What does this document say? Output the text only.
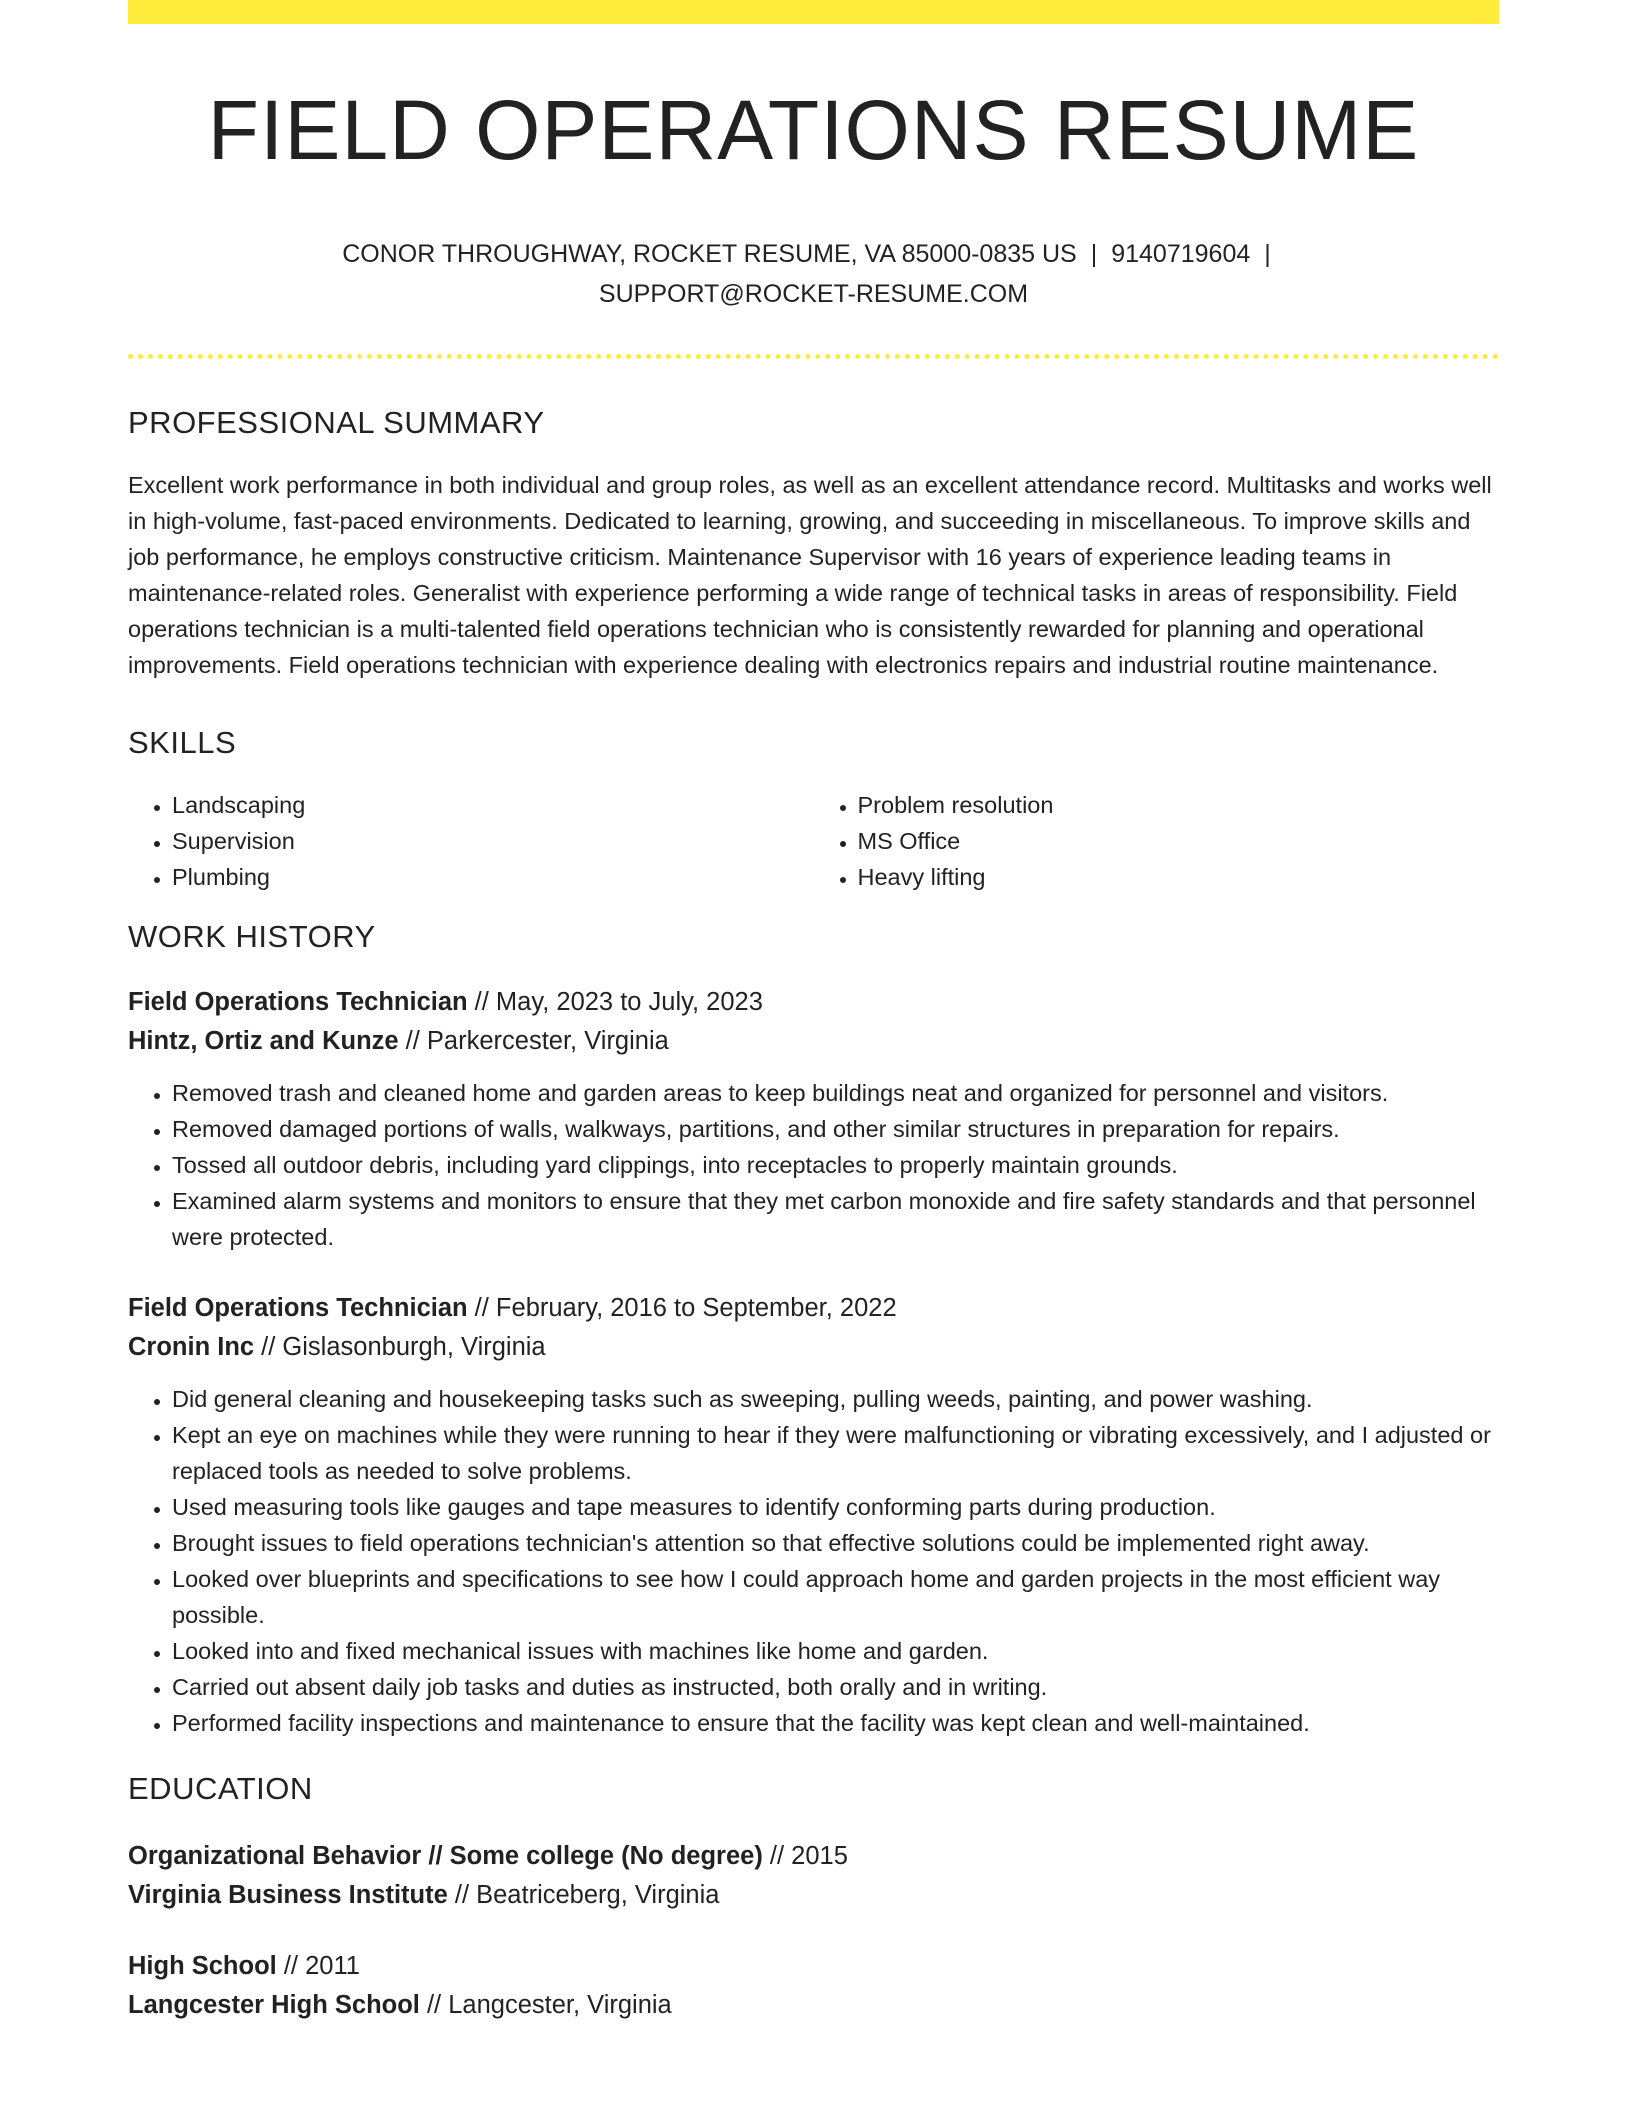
FIELD OPERATIONS RESUME
CONOR THROUGHWAY, ROCKET RESUME, VA 85000-0835 US | 9140719604 |
SUPPORT@ROCKET-RESUME.COM
PROFESSIONAL SUMMARY

Excellent work performance in both individual and group roles, as well as an excellent attendance record. Multitasks and works well in high-volume, fast-paced environments. Dedicated to learning, growing, and succeeding in miscellaneous. To improve skills and job performance, he employs constructive criticism. Maintenance Supervisor with 16 years of experience leading teams in maintenance-related roles. Generalist with experience performing a wide range of technical tasks in areas of responsibility. Field operations technician is a multi-talented field operations technician who is consistently rewarded for planning and operational improvements. Field operations technician with experience dealing with electronics repairs and industrial routine maintenance.

SKILLS
• Landscaping
• Supervision
• Plumbing
• Problem resolution
• MS Office
• Heavy lifting
WORK HISTORY
Field Operations Technician // May, 2023 to July, 2023
Hintz, Ortiz and Kunze // Parkercester, Virginia
• Removed trash and cleaned home and garden areas to keep buildings neat and organized for personnel and visitors.
• Removed damaged portions of walls, walkways, partitions, and other similar structures in preparation for repairs.
• Tossed all outdoor debris, including yard clippings, into receptacles to properly maintain grounds.
• Examined alarm systems and monitors to ensure that they met carbon monoxide and fire safety standards and that personnel were protected.
Field Operations Technician // February, 2016 to September, 2022
Cronin Inc // Gislasonburgh, Virginia
• Did general cleaning and housekeeping tasks such as sweeping, pulling weeds, painting, and power washing.
• Kept an eye on machines while they were running to hear if they were malfunctioning or vibrating excessively, and I adjusted or replaced tools as needed to solve problems.
• Used measuring tools like gauges and tape measures to identify conforming parts during production.
• Brought issues to field operations technician's attention so that effective solutions could be implemented right away.
• Looked over blueprints and specifications to see how I could approach home and garden projects in the most efficient way possible.
• Looked into and fixed mechanical issues with machines like home and garden.
• Carried out absent daily job tasks and duties as instructed, both orally and in writing.
• Performed facility inspections and maintenance to ensure that the facility was kept clean and well-maintained.
EDUCATION
Organizational Behavior // Some college (No degree) // 2015
Virginia Business Institute // Beatriceberg, Virginia
High School // 2011
Langcester High School // Langcester, Virginia
